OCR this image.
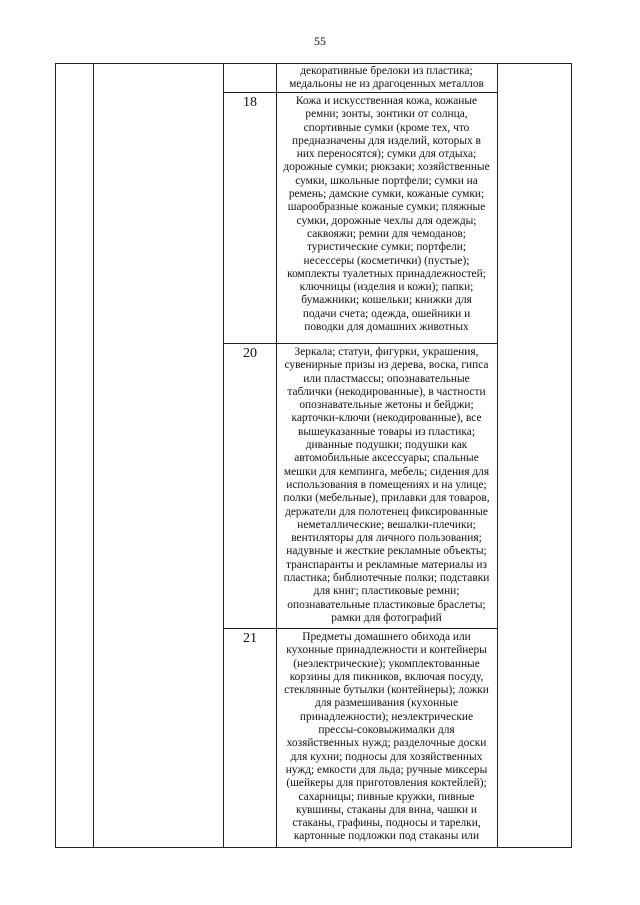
55
декоративные брелоки из пластика;
медальоны не из драгоценных металлов
18	Кожа и искусственная кожа, кожаные
ремни; зонты, зонтики от солнца,
спортивные сумки (кроме тех, что
предназначены для изделий, которых в
них переносятся); сумки для отдыха;
дорожные сумки; рюкзаки; хозяйственные
сумки, школьные портфели; сумки на
ремень; дамские сумки, кожаные сумки;
шарообразные кожаные сумки; пляжные
сумки, дорожные чехлы для одежды;
саквояжи; ремни для чемоданов;
туристические сумки; портфели;
несессеры (косметички) (пустые);
комплекты туалетных принадлежностей;
ключницы (изделия и кожи); папки;
бумажники; кошельки; книжки для
подачи счета; одежда, ошейники и
поводки для домашних животных
20	Зеркала; статуи, фигурки, украшения,
сувенирные призы из дерева, воска, гипса
или пластмассы; опознавательные
таблички (некодированные), в частности
опознавательные жетоны и бейджи;
карточки-ключи (некодированные), все
вышеуказанные товары из пластика;
диванные подушки; подушки как
автомобильные аксессуары; спальные
мешки для кемпинга, мебель; сидения для
использования в помещениях и на улице;
полки (мебельные), прилавки для товаров,
держатели для полотенец фиксированные
неметаллические; вешалки-плечики;
вентиляторы для личного пользования;
надувные и жесткие рекламные объекты;
транспаранты и рекламные материалы из
пластика; библиотечные полки; подставки
для книг; пластиковые ремни;
опознавательные пластиковые браслеты;
рамки для фотографий
21	Предметы домашнего обихода или
кухонные принадлежности и контейнеры
(неэлектрические); укомплектованные
корзины для пикников, включая посуду,
стеклянные бутылки (контейнеры); ложки
для размешивания (кухонные
принадлежности); неэлектрические
прессы-соковыжималки для
хозяйственных нужд; разделочные доски
для кухни; подносы для хозяйственных
нужд; емкости для льда; ручные миксеры
(шейкеры для приготовления коктейлей);
сахарницы; пивные кружки, пивные
кувшины, стаканы для вина, чашки и
стаканы, графины, подносы и тарелки,
картонные подложки под стаканы или
